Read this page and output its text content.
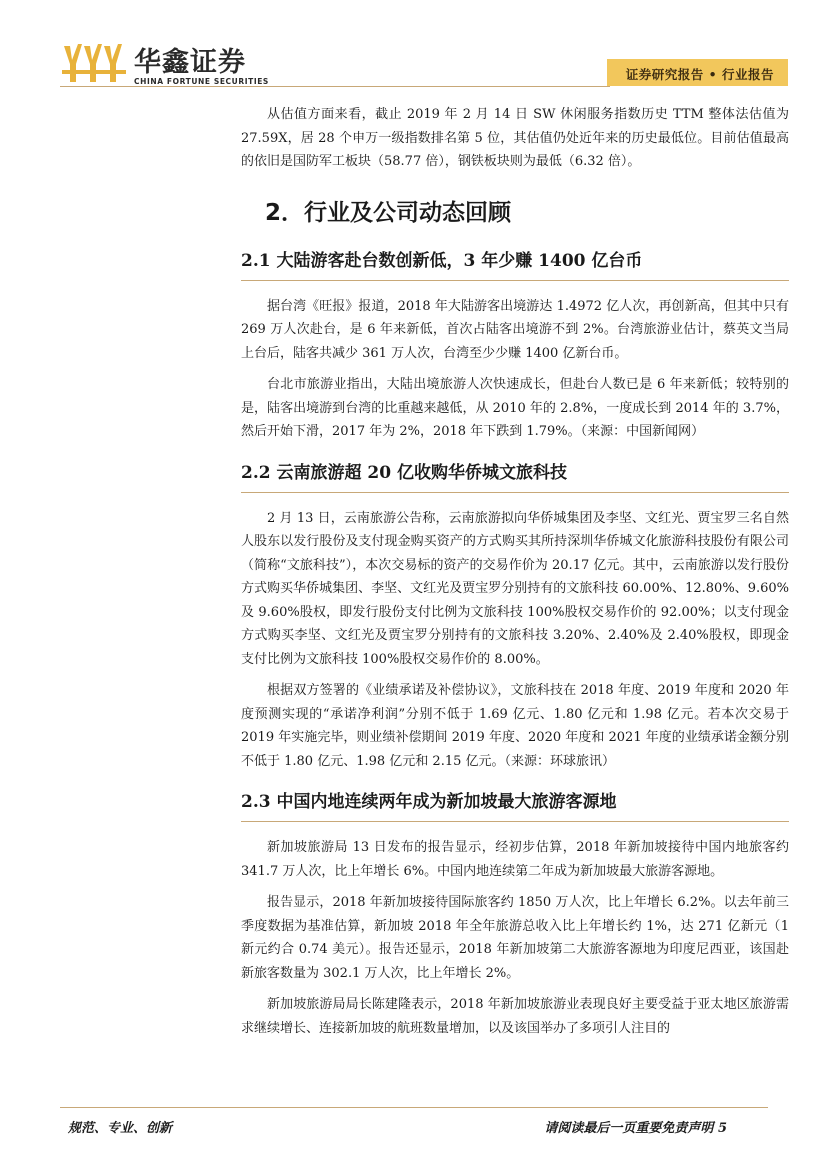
华鑫证券
CHINA FORTUNE SECURITIES	证券研究报告 • 行业报告

从估值方面来看，截止 2019 年 2 月 14 日 SW 休闲服务指数历史 TTM 整体法估值为 27.59X，居 28 个申万一级指数排名第 5 位，其估值仍处近年来的历史最低位。目前估值最高的依旧是国防军工板块（58.77 倍），钢铁板块则为最低（6.32 倍）。

2．行业及公司动态回顾
2.1 大陆游客赴台数创新低，3 年少赚 1400 亿台币

据台湾《旺报》报道，2018 年大陆游客出境游达 1.4972 亿人次，再创新高，但其中只有 269 万人次赴台，是 6 年来新低，首次占陆客出境游不到 2%。台湾旅游业估计，蔡英文当局上台后，陆客共减少 361 万人次，台湾至少少赚 1400 亿新台币。

台北市旅游业指出，大陆出境旅游人次快速成长，但赴台人数已是 6 年来新低；较特别的是，陆客出境游到台湾的比重越来越低，从 2010 年的 2.8%，一度成长到 2014 年的 3.7%，然后开始下滑，2017 年为 2%，2018 年下跌到 1.79%。（来源：中国新闻网）

2.2 云南旅游超 20 亿收购华侨城文旅科技

2 月 13 日，云南旅游公告称，云南旅游拟向华侨城集团及李坚、文红光、贾宝罗三名自然人股东以发行股份及支付现金购买资产的方式购买其所持深圳华侨城文化旅游科技股份有限公司（简称“文旅科技”），本次交易标的资产的交易作价为 20.17 亿元。其中，云南旅游以发行股份方式购买华侨城集团、李坚、文红光及贾宝罗分别持有的文旅科技 60.00%、12.80%、9.60%及 9.60%股权，即发行股份支付比例为文旅科技 100%股权交易作价的 92.00%；以支付现金方式购买李坚、文红光及贾宝罗分别持有的文旅科技 3.20%、2.40%及 2.40%股权，即现金支付比例为文旅科技 100%股权交易作价的 8.00%。

根据双方签署的《业绩承诺及补偿协议》，文旅科技在 2018 年度、2019 年度和 2020 年度预测实现的“承诺净利润”分别不低于 1.69 亿元、1.80 亿元和 1.98 亿元。若本次交易于 2019 年实施完毕，则业绩补偿期间 2019 年度、2020 年度和 2021 年度的业绩承诺金额分别不低于 1.80 亿元、1.98 亿元和 2.15 亿元。（来源：环球旅讯）

2.3 中国内地连续两年成为新加坡最大旅游客源地

新加坡旅游局 13 日发布的报告显示，经初步估算，2018 年新加坡接待中国内地旅客约 341.7 万人次，比上年增长 6%。中国内地连续第二年成为新加坡最大旅游客源地。

报告显示，2018 年新加坡接待国际旅客约 1850 万人次，比上年增长 6.2%。以去年前三季度数据为基准估算，新加坡 2018 年全年旅游总收入比上年增长约 1%，达 271 亿新元（1 新元约合 0.74 美元）。报告还显示，2018 年新加坡第二大旅游客源地为印度尼西亚，该国赴新旅客数量为 302.1 万人次，比上年增长 2%。

新加坡旅游局局长陈建隆表示，2018 年新加坡旅游业表现良好主要受益于亚太地区旅游需求继续增长、连接新加坡的航班数量增加，以及该国举办了多项引人注目的

规范、专业、创新	请阅读最后一页重要免责声明 5
